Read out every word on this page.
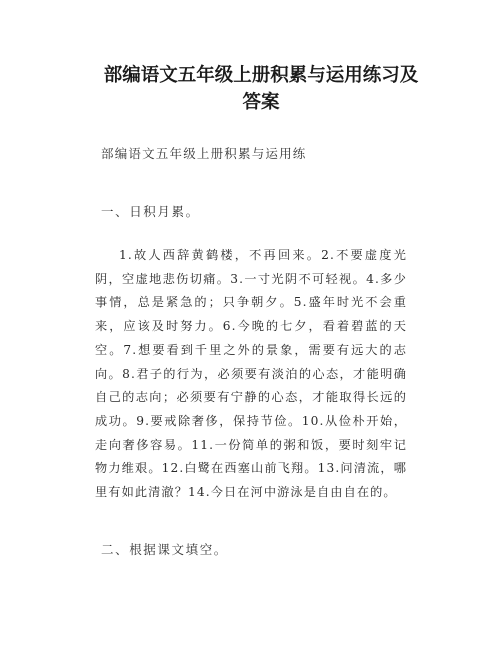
部编语文五年级上册积累与运用练习及答案
部编语文五年级上册积累与运用练
一、日积月累。
1.故人西辞黄鹤楼，不再回来。2.不要虚度光阴，空虚地悲伤切痛。3.一寸光阴不可轻视。4.多少事情，总是紧急的；只争朝夕。5.盛年时光不会重来，应该及时努力。6.今晚的七夕，看着碧蓝的天空。7.想要看到千里之外的景象，需要有远大的志向。8.君子的行为，必须要有淡泊的心态，才能明确自己的志向；必须要有宁静的心态，才能取得长远的成功。9.要戒除奢侈，保持节俭。10.从俭朴开始，走向奢侈容易。11.一份简单的粥和饭，要时刻牢记物力维艰。12.白鹭在西塞山前飞翔。13.问清流，哪里有如此清澈？14.今日在河中游泳是自由自在的。
二、根据课文填空。
